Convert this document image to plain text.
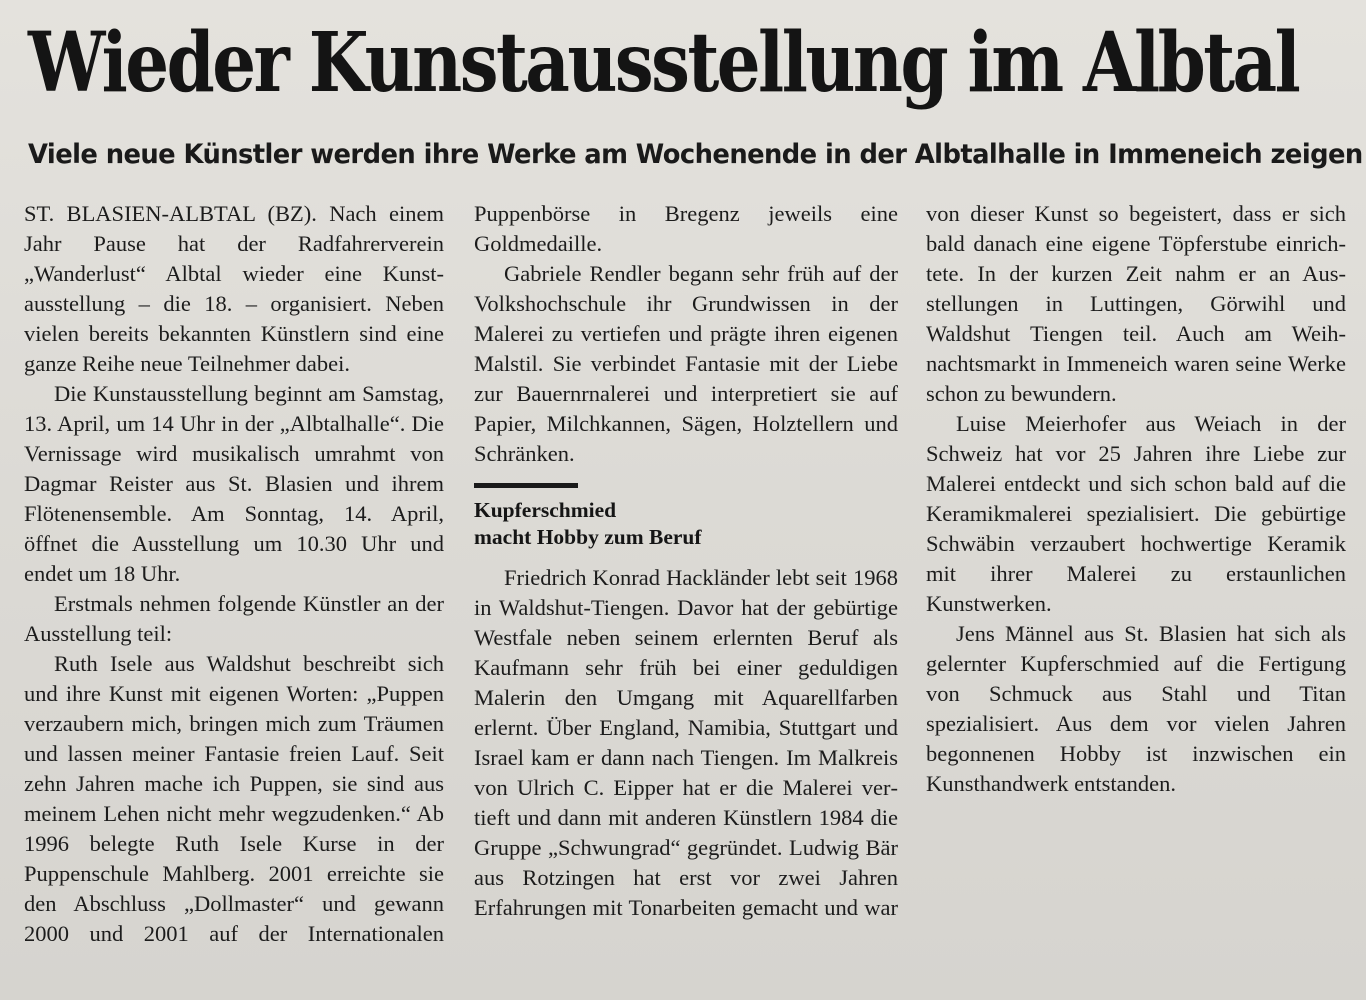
Wieder Kunstausstellung im Albtal
Viele neue Künstler werden ihre Werke am Wochenende in der Albtalhalle in Immeneich zeigen

ST. BLASIEN-ALBTAL (BZ). Nach einem Jahr Pause hat der Radfahrerverein „Wanderlust“ Albtal wieder eine Kunstausstellung – die 18. – organisiert. Neben vielen bereits bekannten Künstlern sind eine ganze Reihe neue Teilnehmer dabei.

Die Kunstausstellung beginnt am Samstag, 13. April, um 14 Uhr in der „Albtalhalle“. Die Vernissage wird musikalisch umrahmt von Dagmar Reister aus St. Blasien und ihrem Flötenensemble. Am Sonntag, 14. April, öffnet die Ausstellung um 10.30 Uhr und endet um 18 Uhr.

Erstmals nehmen folgende Künstler an der Ausstellung teil:

Ruth Isele aus Waldshut beschreibt sich und ihre Kunst mit eigenen Worten: „Puppen verzaubern mich, bringen mich zum Träumen und lassen meiner Fantasie freien Lauf. Seit zehn Jahren mache ich Puppen, sie sind aus meinem Lehen nicht mehr wegzudenken.“ Ab 1996 belegte Ruth Isele Kurse in der Puppenschule Mahlberg. 2001 erreichte sie den Abschluss „Dollmaster“ und gewann 2000 und 2001 auf der Internationalen

Puppenbörse in Bregenz jeweils eine Goldmedaille.

Gabriele Rendler begann sehr früh auf der Volkshochschule ihr Grundwissen in der Malerei zu vertiefen und prägte ihren eigenen Malstil. Sie verbindet Fantasie mit der Liebe zur Bauernrnalerei und interpretiert sie auf Papier, Milchkannen, Sägen, Holztellern und Schränken.

Kupferschmied
macht Hobby zum Beruf

Friedrich Konrad Hackländer lebt seit 1968 in Waldshut-Tiengen. Davor hat der gebürtige Westfale neben seinem erlernten Beruf als Kaufmann sehr früh bei einer geduldigen Malerin den Umgang mit Aquarellfarben erlernt. Über England, Namibia, Stuttgart und Israel kam er dann nach Tiengen. Im Malkreis von Ulrich C. Eipper hat er die Malerei vertieft und dann mit anderen Künstlern 1984 die Gruppe „Schwungrad“ gegründet. Ludwig Bär aus Rotzingen hat erst vor zwei Jahren Erfahrungen mit Tonarbeiten gemacht und war

von dieser Kunst so begeistert, dass er sich bald danach eine eigene Töpferstube einrichtete. In der kurzen Zeit nahm er an Ausstellungen in Luttingen, Görwihl und Waldshut Tiengen teil. Auch am Weihnachtsmarkt in Immeneich waren seine Werke schon zu bewundern.

Luise Meierhofer aus Weiach in der Schweiz hat vor 25 Jahren ihre Liebe zur Malerei entdeckt und sich schon bald auf die Keramikmalerei spezialisiert. Die gebürtige Schwäbin verzaubert hochwertige Keramik mit ihrer Malerei zu erstaunlichen Kunstwerken.

Jens Männel aus St. Blasien hat sich als gelernter Kupferschmied auf die Fertigung von Schmuck aus Stahl und Titan spezialisiert. Aus dem vor vielen Jahren begonnenen Hobby ist inzwischen ein Kunsthandwerk entstanden.
